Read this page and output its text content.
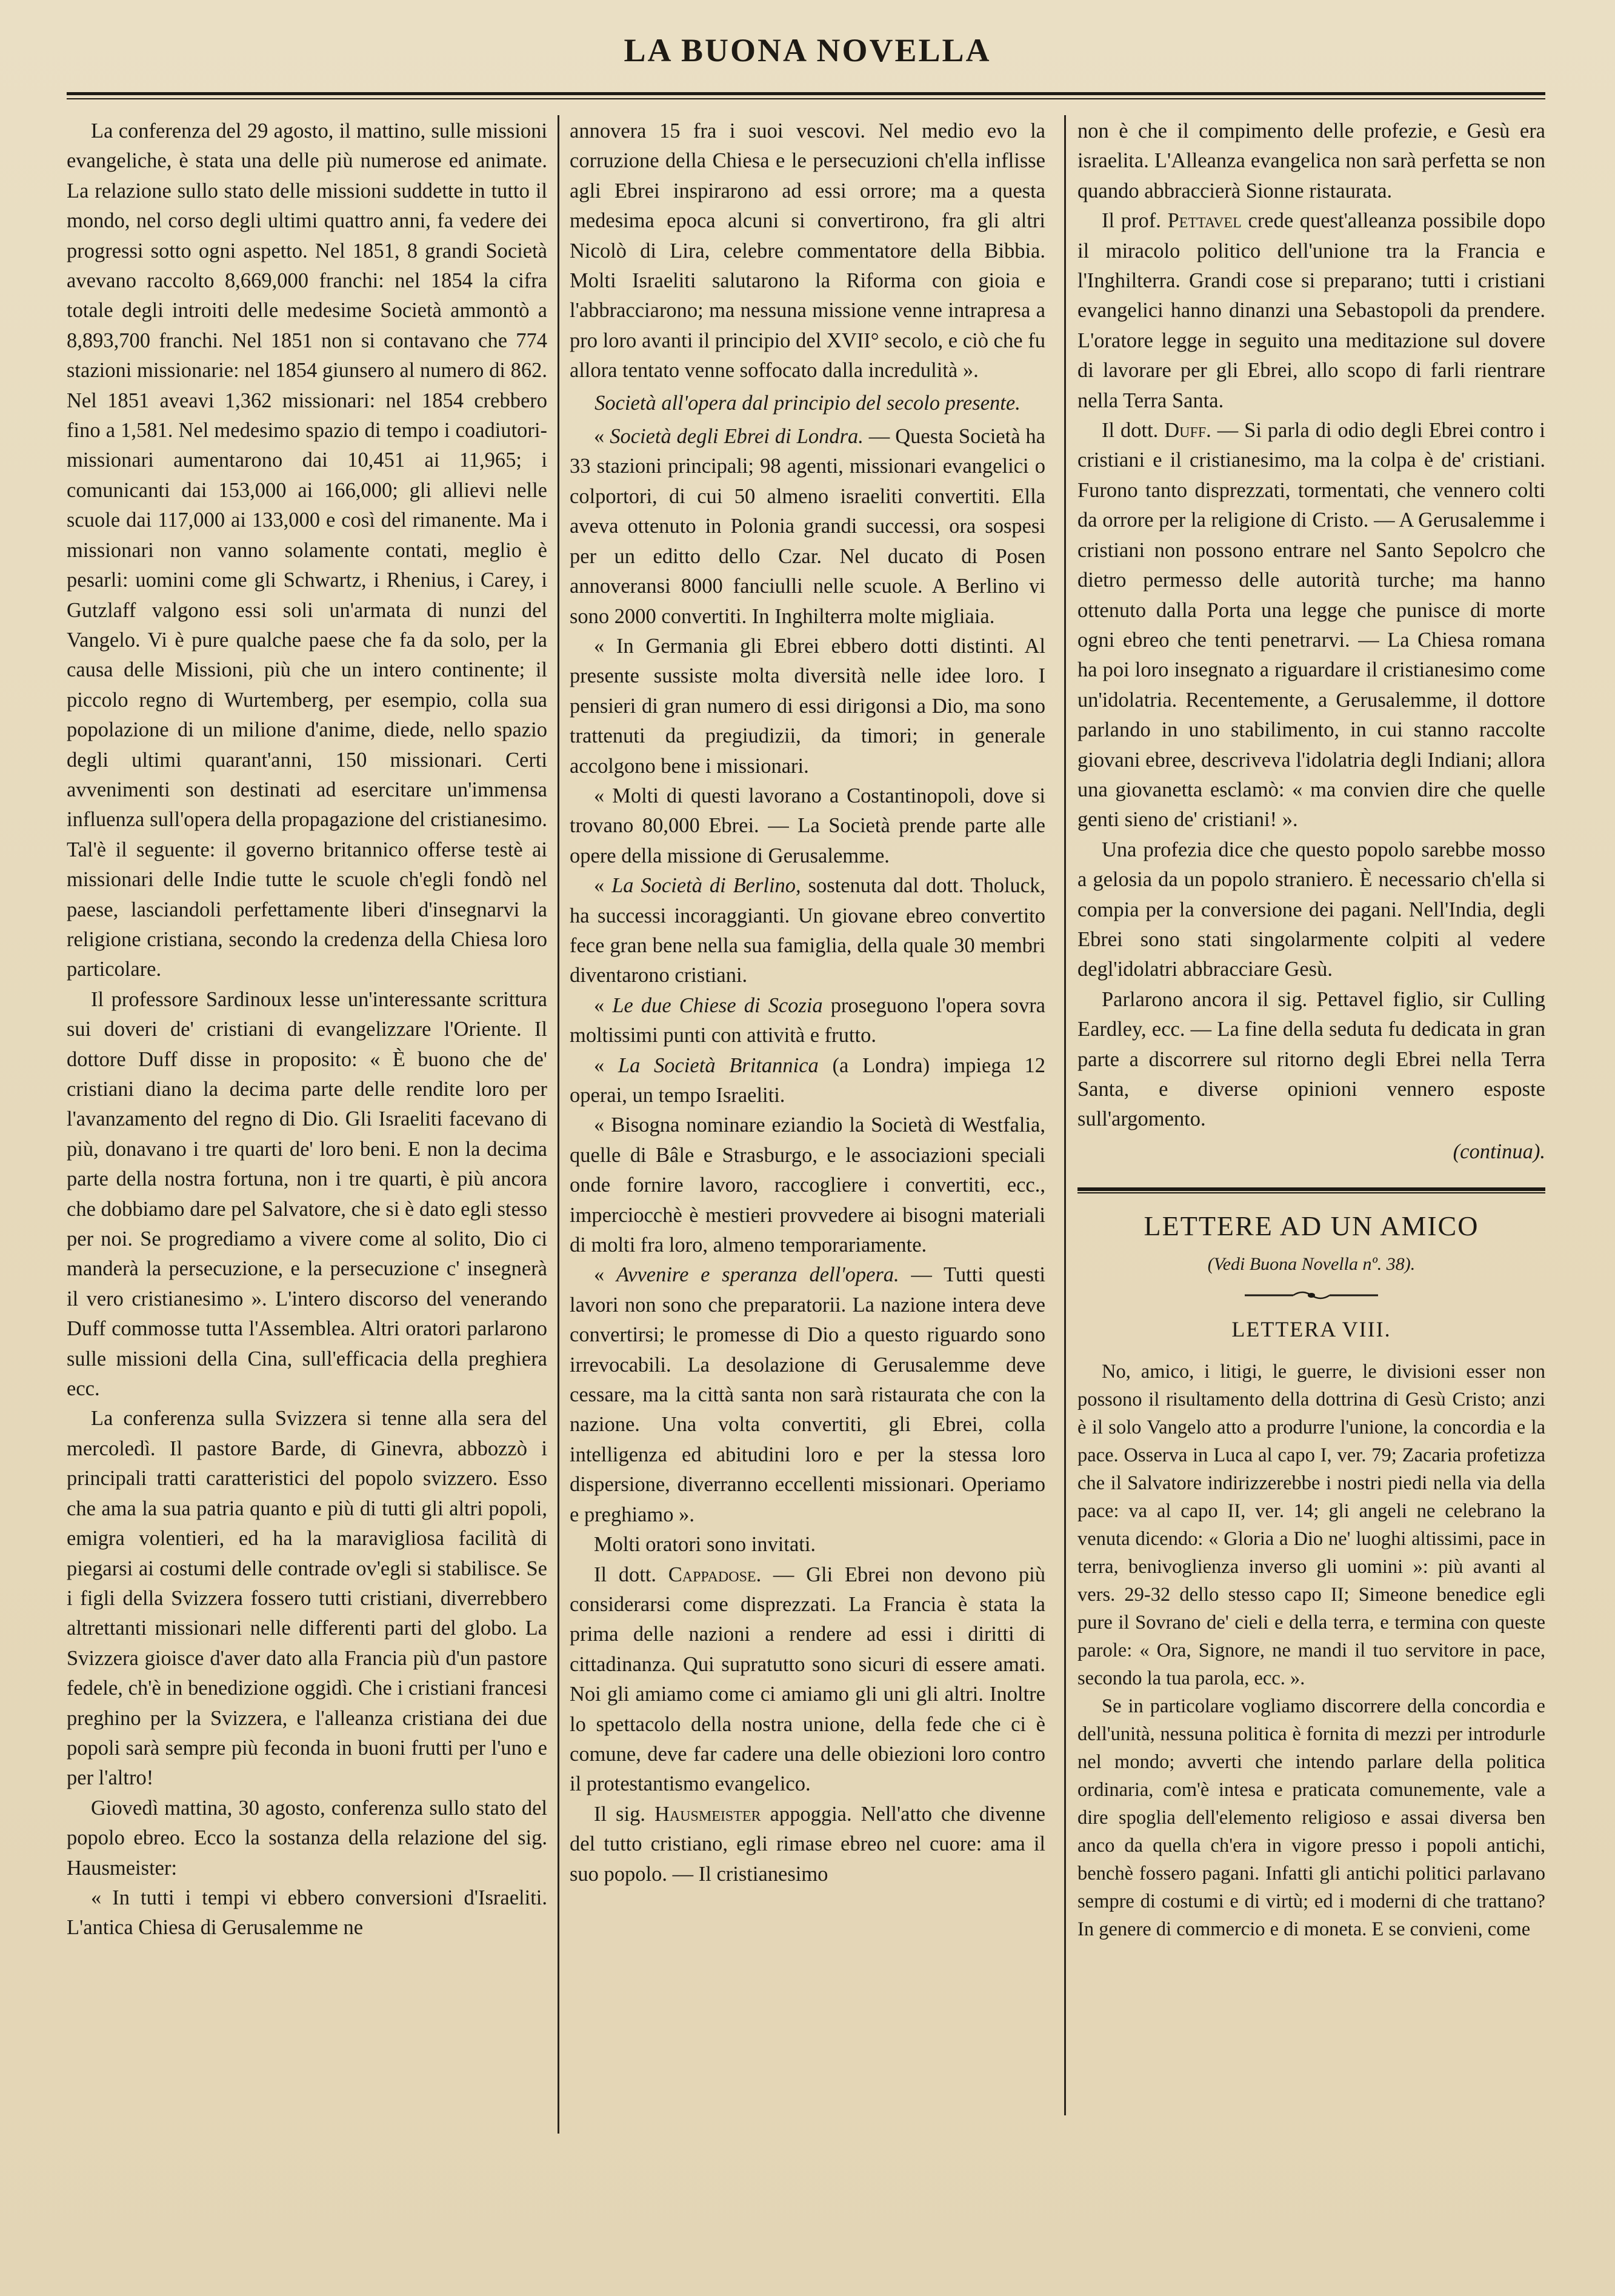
LA BUONA NOVELLA

La conferenza del 29 agosto, il mattino, sulle missioni evangeliche, è stata una delle più numerose ed animate. La relazione sullo stato delle missioni suddette in tutto il mondo, nel corso degli ultimi quattro anni, fa vedere dei progressi sotto ogni aspetto. Nel 1851, 8 grandi Società avevano raccolto 8,669,000 franchi: nel 1854 la cifra totale degli introiti delle medesime Società ammontò a 8,893,700 franchi. Nel 1851 non si contavano che 774 stazioni missionarie: nel 1854 giunsero al numero di 862. Nel 1851 aveavi 1,362 missionari: nel 1854 crebbero fino a 1,581. Nel medesimo spazio di tempo i coadiutori-missionari aumentarono dai 10,451 ai 11,965; i comunicanti dai 153,000 ai 166,000; gli allievi nelle scuole dai 117,000 ai 133,000 e così del rimanente. Ma i missionari non vanno solamente contati, meglio è pesarli: uomini come gli Schwartz, i Rhenius, i Carey, i Gutzlaff valgono essi soli un'armata di nunzi del Vangelo. Vi è pure qualche paese che fa da solo, per la causa delle Missioni, più che un intero continente; il piccolo regno di Wurtemberg, per esempio, colla sua popolazione di un milione d'anime, diede, nello spazio degli ultimi quarant'anni, 150 missionari. Certi avvenimenti son destinati ad esercitare un'immensa influenza sull'opera della propagazione del cristianesimo. Tal'è il seguente: il governo britannico offerse testè ai missionari delle Indie tutte le scuole ch'egli fondò nel paese, lasciandoli perfettamente liberi d'insegnarvi la religione cristiana, secondo la credenza della Chiesa loro particolare.

Il professore Sardinoux lesse un'interessante scrittura sui doveri de' cristiani di evangelizzare l'Oriente. Il dottore Duff disse in proposito: « È buono che de' cristiani diano la decima parte delle rendite loro per l'avanzamento del regno di Dio. Gli Israeliti facevano di più, donavano i tre quarti de' loro beni. E non la decima parte della nostra fortuna, non i tre quarti, è più ancora che dobbiamo dare pel Salvatore, che si è dato egli stesso per noi. Se progrediamo a vivere come al solito, Dio ci manderà la persecuzione, e la persecuzione c' insegnerà il vero cristianesimo ». L'intero discorso del venerando Duff commosse tutta l'Assemblea. Altri oratori parlarono sulle missioni della Cina, sull'efficacia della preghiera ecc.

La conferenza sulla Svizzera si tenne alla sera del mercoledì. Il pastore Barde, di Ginevra, abbozzò i principali tratti caratteristici del popolo svizzero. Esso che ama la sua patria quanto e più di tutti gli altri popoli, emigra volentieri, ed ha la maravigliosa facilità di piegarsi ai costumi delle contrade ov'egli si stabilisce. Se i figli della Svizzera fossero tutti cristiani, diverrebbero altrettanti missionari nelle differenti parti del globo. La Svizzera gioisce d'aver dato alla Francia più d'un pastore fedele, ch'è in benedizione oggidì. Che i cristiani francesi preghino per la Svizzera, e l'alleanza cristiana dei due popoli sarà sempre più feconda in buoni frutti per l'uno e per l'altro!

Giovedì mattina, 30 agosto, conferenza sullo stato del popolo ebreo. Ecco la sostanza della relazione del sig. Hausmeister:

« In tutti i tempi vi ebbero conversioni d'Israeliti. L'antica Chiesa di Gerusalemme ne

annovera 15 fra i suoi vescovi. Nel medio evo la corruzione della Chiesa e le persecuzioni ch'ella inflisse agli Ebrei inspirarono ad essi orrore; ma a questa medesima epoca alcuni si convertirono, fra gli altri Nicolò di Lira, celebre commentatore della Bibbia. Molti Israeliti salutarono la Riforma con gioia e l'abbracciarono; ma nessuna missione venne intrapresa a pro loro avanti il principio del XVII° secolo, e ciò che fu allora tentato venne soffocato dalla incredulità ».

Società all'opera dal principio del secolo presente.

« Società degli Ebrei di Londra. — Questa Società ha 33 stazioni principali; 98 agenti, missionari evangelici o colportori, di cui 50 almeno israeliti convertiti. Ella aveva ottenuto in Polonia grandi successi, ora sospesi per un editto dello Czar. Nel ducato di Posen annoveransi 8000 fanciulli nelle scuole. A Berlino vi sono 2000 convertiti. In Inghilterra molte migliaia.

« In Germania gli Ebrei ebbero dotti distinti. Al presente sussiste molta diversità nelle idee loro. I pensieri di gran numero di essi dirigonsi a Dio, ma sono trattenuti da pregiudizii, da timori; in generale accolgono bene i missionari.

« Molti di questi lavorano a Costantinopoli, dove si trovano 80,000 Ebrei. — La Società prende parte alle opere della missione di Gerusalemme.

« La Società di Berlino, sostenuta dal dott. Tholuck, ha successi incoraggianti. Un giovane ebreo convertito fece gran bene nella sua famiglia, della quale 30 membri diventarono cristiani.

« Le due Chiese di Scozia proseguono l'opera sovra moltissimi punti con attività e frutto.

« La Società Britannica (a Londra) impiega 12 operai, un tempo Israeliti.

« Bisogna nominare eziandio la Società di Westfalia, quelle di Bâle e Strasburgo, e le associazioni speciali onde fornire lavoro, raccogliere i convertiti, ecc., imperciocchè è mestieri provvedere ai bisogni materiali di molti fra loro, almeno temporariamente.

« Avvenire e speranza dell'opera. — Tutti questi lavori non sono che preparatorii. La nazione intera deve convertirsi; le promesse di Dio a questo riguardo sono irrevocabili. La desolazione di Gerusalemme deve cessare, ma la città santa non sarà ristaurata che con la nazione. Una volta convertiti, gli Ebrei, colla intelligenza ed abitudini loro e per la stessa loro dispersione, diverranno eccellenti missionari. Operiamo e preghiamo ».

Molti oratori sono invitati.

Il dott. Cappadose. — Gli Ebrei non devono più considerarsi come disprezzati. La Francia è stata la prima delle nazioni a rendere ad essi i diritti di cittadinanza. Qui supratutto sono sicuri di essere amati. Noi gli amiamo come ci amiamo gli uni gli altri. Inoltre lo spettacolo della nostra unione, della fede che ci è comune, deve far cadere una delle obiezioni loro contro il protestantismo evangelico.

Il sig. Hausmeister appoggia. Nell'atto che divenne del tutto cristiano, egli rimase ebreo nel cuore: ama il suo popolo. — Il cristianesimo

non è che il compimento delle profezie, e Gesù era israelita. L'Alleanza evangelica non sarà perfetta se non quando abbraccierà Sionne ristaurata.

Il prof. Pettavel crede quest'alleanza possibile dopo il miracolo politico dell'unione tra la Francia e l'Inghilterra. Grandi cose si preparano; tutti i cristiani evangelici hanno dinanzi una Sebastopoli da prendere. L'oratore legge in seguito una meditazione sul dovere di lavorare per gli Ebrei, allo scopo di farli rientrare nella Terra Santa.

Il dott. Duff. — Si parla di odio degli Ebrei contro i cristiani e il cristianesimo, ma la colpa è de' cristiani. Furono tanto disprezzati, tormentati, che vennero colti da orrore per la religione di Cristo. — A Gerusalemme i cristiani non possono entrare nel Santo Sepolcro che dietro permesso delle autorità turche; ma hanno ottenuto dalla Porta una legge che punisce di morte ogni ebreo che tenti penetrarvi. — La Chiesa romana ha poi loro insegnato a riguardare il cristianesimo come un'idolatria. Recentemente, a Gerusalemme, il dottore parlando in uno stabilimento, in cui stanno raccolte giovani ebree, descriveva l'idolatria degli Indiani; allora una giovanetta esclamò: « ma convien dire che quelle genti sieno de' cristiani! ».

Una profezia dice che questo popolo sarebbe mosso a gelosia da un popolo straniero. È necessario ch'ella si compia per la conversione dei pagani. Nell'India, degli Ebrei sono stati singolarmente colpiti al vedere degl'idolatri abbracciare Gesù.

Parlarono ancora il sig. Pettavel figlio, sir Culling Eardley, ecc. — La fine della seduta fu dedicata in gran parte a discorrere sul ritorno degli Ebrei nella Terra Santa, e diverse opinioni vennero esposte sull'argomento.

(continua).

LETTERE AD UN AMICO
(Vedi Buona Novella nº. 38).
LETTERA VIII.

No, amico, i litigi, le guerre, le divisioni esser non possono il risultamento della dottrina di Gesù Cristo; anzi è il solo Vangelo atto a produrre l'unione, la concordia e la pace. Osserva in Luca al capo I, ver. 79; Zacaria profetizza che il Salvatore indirizzerebbe i nostri piedi nella via della pace: va al capo II, ver. 14; gli angeli ne celebrano la venuta dicendo: « Gloria a Dio ne' luoghi altissimi, pace in terra, benivoglienza inverso gli uomini »: più avanti al vers. 29-32 dello stesso capo II; Simeone benedice egli pure il Sovrano de' cieli e della terra, e termina con queste parole: « Ora, Signore, ne mandi il tuo servitore in pace, secondo la tua parola, ecc. ».

Se in particolare vogliamo discorrere della concordia e dell'unità, nessuna politica è fornita di mezzi per introdurle nel mondo; avverti che intendo parlare della politica ordinaria, com'è intesa e praticata comunemente, vale a dire spoglia dell'elemento religioso e assai diversa ben anco da quella ch'era in vigore presso i popoli antichi, benchè fossero pagani. Infatti gli antichi politici parlavano sempre di costumi e di virtù; ed i moderni di che trattano? In genere di commercio e di moneta. E se convieni, come
